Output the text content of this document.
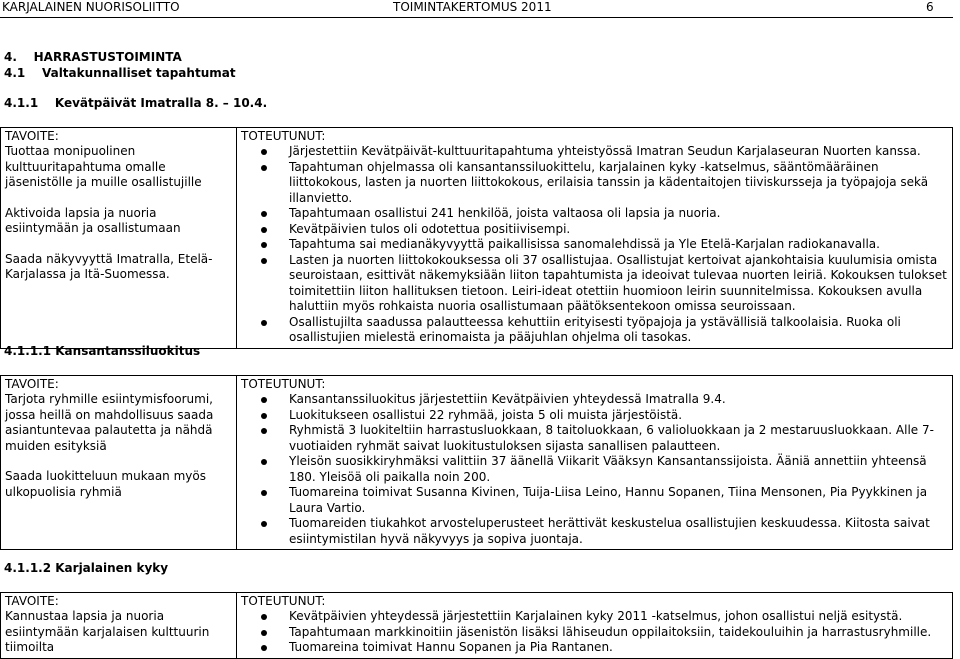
KARJALAINEN NUORISOLIITTO	TOIMINTAKERTOMUS 2011	6
4.    HARRASTUSTOIMINTA
4.1    Valtakunnalliset tapahtumat
4.1.1    Kevätpäivät Imatralla 8. – 10.4.
TAVOITE:

Tuottaa monipuolinen kulttuuritapahtuma omalle jäsenistölle ja muille osallistujille

Aktivoida lapsia ja nuoria esiintymään ja osallistumaan

Saada näkyvyyttä Imatralla, Etelä-Karjalassa ja Itä-Suomessa.

TOTEUTUNUT:
Järjestettiin Kevätpäivät-kulttuuritapahtuma yhteistyössä Imatran Seudun Karjalaseuran Nuorten kanssa.
Tapahtuman ohjelmassa oli kansantanssiluokittelu, karjalainen kyky -katselmus, sääntömääräinen liittokokous, lasten ja nuorten liittokokous, erilaisia tanssin ja kädentaitojen tiiviskursseja ja työpajoja sekä illanvietto.
Tapahtumaan osallistui 241 henkilöä, joista valtaosa oli lapsia ja nuoria.
Kevätpäivien tulos oli odotettua positiivisempi.
Tapahtuma sai medianäkyvyyttä paikallisissa sanomalehdissä ja Yle Etelä-Karjalan radiokanavalla.
Lasten ja nuorten liittokokouksessa oli 37 osallistujaa. Osallistujat kertoivat ajankohtaisia kuulumisia omista seuroistaan, esittivät näkemyksiään liiton tapahtumista ja ideoivat tulevaa nuorten leiriä. Kokouksen tulokset toimitettiin liiton hallituksen tietoon. Leiri-ideat otettiin huomioon leirin suunnitelmissa. Kokouksen avulla haluttiin myös rohkaista nuoria osallistumaan päätöksentekoon omissa seuroissaan.
Osallistujilta saadussa palautteessa kehuttiin erityisesti työpajoja ja ystävällisiä talkoolaisia. Ruoka oli osallistujien mielestä erinomaista ja pääjuhlan ohjelma oli tasokas.
4.1.1.1 Kansantanssiluokitus
TAVOITE:

Tarjota ryhmille esiintymisfoorumi, jossa heillä on mahdollisuus saada asiantuntevaa palautetta ja nähdä muiden esityksiä

Saada luokitteluun mukaan myös ulkopuolisia ryhmiä

TOTEUTUNUT:
Kansantanssiluokitus järjestettiin Kevätpäivien yhteydessä Imatralla 9.4.
Luokitukseen osallistui 22 ryhmää, joista 5 oli muista järjestöistä.
Ryhmistä 3 luokiteltiin harrastusluokkaan, 8 taitoluokkaan, 6 valioluokkaan ja 2 mestaruusluokkaan. Alle 7-vuotiaiden ryhmät saivat luokitustuloksen sijasta sanallisen palautteen.
Yleisön suosikkiryhmäksi valittiin 37 äänellä Viikarit Vääksyn Kansantanssijoista. Ääniä annettiin yhteensä 180. Yleisöä oli paikalla noin 200.
Tuomareina toimivat Susanna Kivinen, Tuija-Liisa Leino, Hannu Sopanen, Tiina Mensonen, Pia Pyykkinen ja Laura Vartio.
Tuomareiden tiukahkot arvosteluperusteet herättivät keskustelua osallistujien keskuudessa. Kiitosta saivat esiintymistilan hyvä näkyvyys ja sopiva juontaja.
4.1.1.2 Karjalainen kyky
TAVOITE:

Kannustaa lapsia ja nuoria esiintymään karjalaisen kulttuurin tiimoilta

TOTEUTUNUT:
Kevätpäivien yhteydessä järjestettiin Karjalainen kyky 2011 -katselmus, johon osallistui neljä esitystä.
Tapahtumaan markkinoitiin jäsenistön lisäksi lähiseudun oppilaitoksiin, taidekouluihin ja harrastusryhmille.
Tuomareina toimivat Hannu Sopanen ja Pia Rantanen.
